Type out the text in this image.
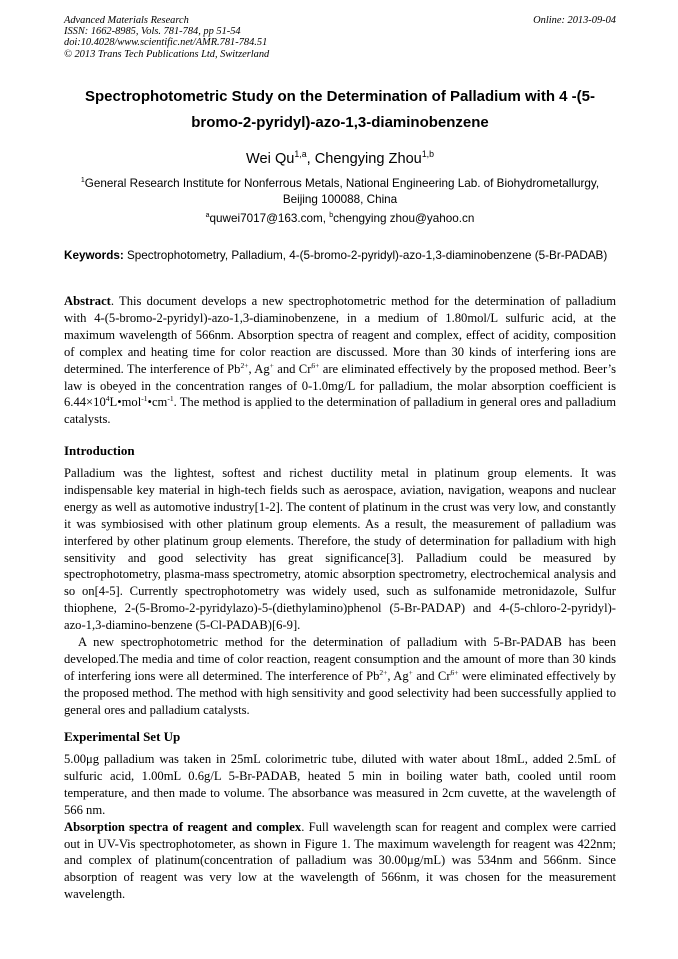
Advanced Materials Research
ISSN: 1662-8985, Vols. 781-784, pp 51-54
doi:10.4028/www.scientific.net/AMR.781-784.51
© 2013 Trans Tech Publications Ltd, Switzerland
Online: 2013-09-04
Spectrophotometric Study on the Determination of Palladium with 4 -(5-
bromo-2-pyridyl)-azo-1,3-diaminobenzene
Wei Qu$^{1,a}$, Chengying Zhou$^{1,b}$
$^1$General Research Institute for Nonferrous Metals, National Engineering Lab. of Biohydrometallurgy, Beijing 100088, China
$^a$quwei7017@163.com, $^b$chengying zhou@yahoo.cn
Keywords: Spectrophotometry, Palladium, 4-(5-bromo-2-pyridyl)-azo-1,3-diaminobenzene (5-Br-PADAB)
Abstract. This document develops a new spectrophotometric method for the determination of palladium with 4-(5-bromo-2-pyridyl)-azo-1,3-diaminobenzene, in a medium of 1.80mol/L sulfuric acid, at the maximum wavelength of 566nm. Absorption spectra of reagent and complex, effect of acidity, composition of complex and heating time for color reaction are discussed. More than 30 kinds of interfering ions are determined. The interference of $Pb^{2+}$, Ag+ and $Cr^{6+}$ are eliminated effectively by the proposed method. Beer’s law is obeyed in the concentration ranges of 0-1.0mg/L for palladium, the molar absorption coefficient is $6.44\times 10^4L•mol^{-1}•cm^{-1}$. The method is applied to the determination of palladium in general ores and palladium catalysts.
Introduction

Palladium was the lightest, softest and richest ductility metal in platinum group elements. It was indispensable key material in high-tech fields such as aerospace, aviation, navigation, weapons and nuclear energy as well as automotive industry[1-2]. The content of platinum in the crust was very low, and constantly it was symbiosised with other platinum group elements. As a result, the measurement of palladium was interfered by other platinum group elements. Therefore, the study of determination for palladium with high sensitivity and good selectivity has great significance[3]. Palladium could be measured by spectrophotometry, plasma-mass spectrometry, atomic absorption spectrometry, electrochemical analysis and so on[4-5]. Currently spectrophotometry was widely used, such as sulfonamide metronidazole, Sulfur thiophene, 2-(5-Bromo-2-pyridylazo)-5-(diethylamino)phenol (5-Br-PADAP) and 4-(5-chloro-2-pyridyl)-azo-1,3-diamino-benzene (5-Cl-PADAB)[6-9].

A new spectrophotometric method for the determination of palladium with 5-Br-PADAB has been developed.The media and time of color reaction, reagent consumption and the amount of more than 30 kinds of interfering ions were all determined. The interference of $Pb^{2+}$, Ag+ and $Cr^{6+}$ were eliminated effectively by the proposed method. The method with high sensitivity and good selectivity had been successfully applied to general ores and palladium catalysts.

Experimental Set Up

5.00μg palladium was taken in 25mL colorimetric tube, diluted with water about 18mL, added 2.5mL of sulfuric acid, 1.00mL 0.6g/L 5-Br-PADAB, heated 5 min in boiling water bath, cooled until room temperature, and then made to volume. The absorbance was measured in 2cm cuvette, at the wavelength of 566 nm.

Absorption spectra of reagent and complex. Full wavelength scan for reagent and complex were carried out in UV-Vis spectrophotometer, as shown in Figure 1. The maximum wavelength for reagent was 422nm; and complex of platinum(concentration of palladium was 30.00μg/mL) was 534nm and 566nm. Since absorption of reagent was very low at the wavelength of 566nm, it was chosen for the measurement wavelength.
